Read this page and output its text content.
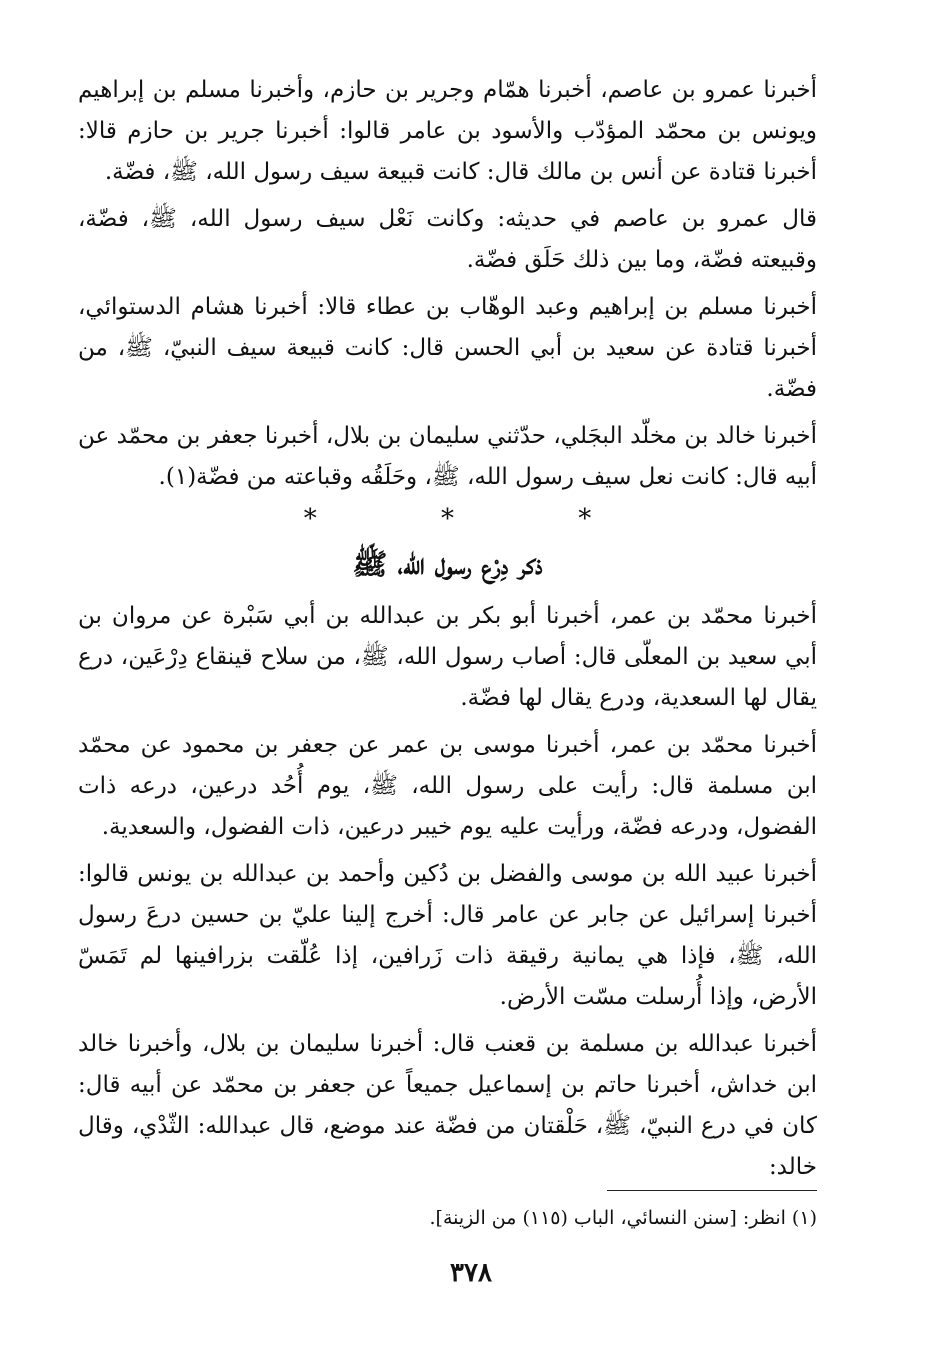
أخبرنا عمرو بن عاصم، أخبرنا همّام وجرير بن حازم، وأخبرنا مسلم بن إبراهيم ويونس بن محمّد المؤدّب والأسود بن عامر قالوا: أخبرنا جرير بن حازم قالا: أخبرنا قتادة عن أنس بن مالك قال: كانت قبيعة سيف رسول الله، ﷺ، فضّة.

قال عمرو بن عاصم في حديثه: وكانت نَعْل سيف رسول الله، ﷺ، فضّة، وقبيعته فضّة، وما بين ذلك حَلَق فضّة.

أخبرنا مسلم بن إبراهيم وعبد الوهّاب بن عطاء قالا: أخبرنا هشام الدستوائي، أخبرنا قتادة عن سعيد بن أبي الحسن قال: كانت قبيعة سيف النبيّ، ﷺ، من فضّة.

أخبرنا خالد بن مخلّد البجَلي، حدّثني سليمان بن بلال، أخبرنا جعفر بن محمّد عن أبيه قال: كانت نعل سيف رسول الله، ﷺ، وحَلَقُه وقباعته من فضّة(١).

* * *
ذكر دِرْع رسول الله، ﷺ

أخبرنا محمّد بن عمر، أخبرنا أبو بكر بن عبدالله بن أبي سَبْرة عن مروان بن أبي سعيد بن المعلّى قال: أصاب رسول الله، ﷺ، من سلاح قينقاع دِرْعَين، درع يقال لها السعدية، ودرع يقال لها فضّة.

أخبرنا محمّد بن عمر، أخبرنا موسى بن عمر عن جعفر بن محمود عن محمّد ابن مسلمة قال: رأيت على رسول الله، ﷺ، يوم أُحُد درعين، درعه ذات الفضول، ودرعه فضّة، ورأيت عليه يوم خيبر درعين، ذات الفضول، والسعدية.

أخبرنا عبيد الله بن موسى والفضل بن دُكين وأحمد بن عبدالله بن يونس قالوا: أخبرنا إسرائيل عن جابر عن عامر قال: أخرج إلينا عليّ بن حسين درعَ رسول الله، ﷺ، فإذا هي يمانية رقيقة ذات زَرافين، إذا عُلّقت بزرافينها لم تَمَسّ الأرض، وإذا أُرسلت مسّت الأرض.

أخبرنا عبدالله بن مسلمة بن قعنب قال: أخبرنا سليمان بن بلال، وأخبرنا خالد ابن خداش، أخبرنا حاتم بن إسماعيل جميعاً عن جعفر بن محمّد عن أبيه قال: كان في درع النبيّ، ﷺ، حَلْقتان من فضّة عند موضع، قال عبدالله: الثّدْي، وقال خالد:

(١) انظر: [سنن النسائي، الباب (١١٥) من الزينة].
٣٧٨
